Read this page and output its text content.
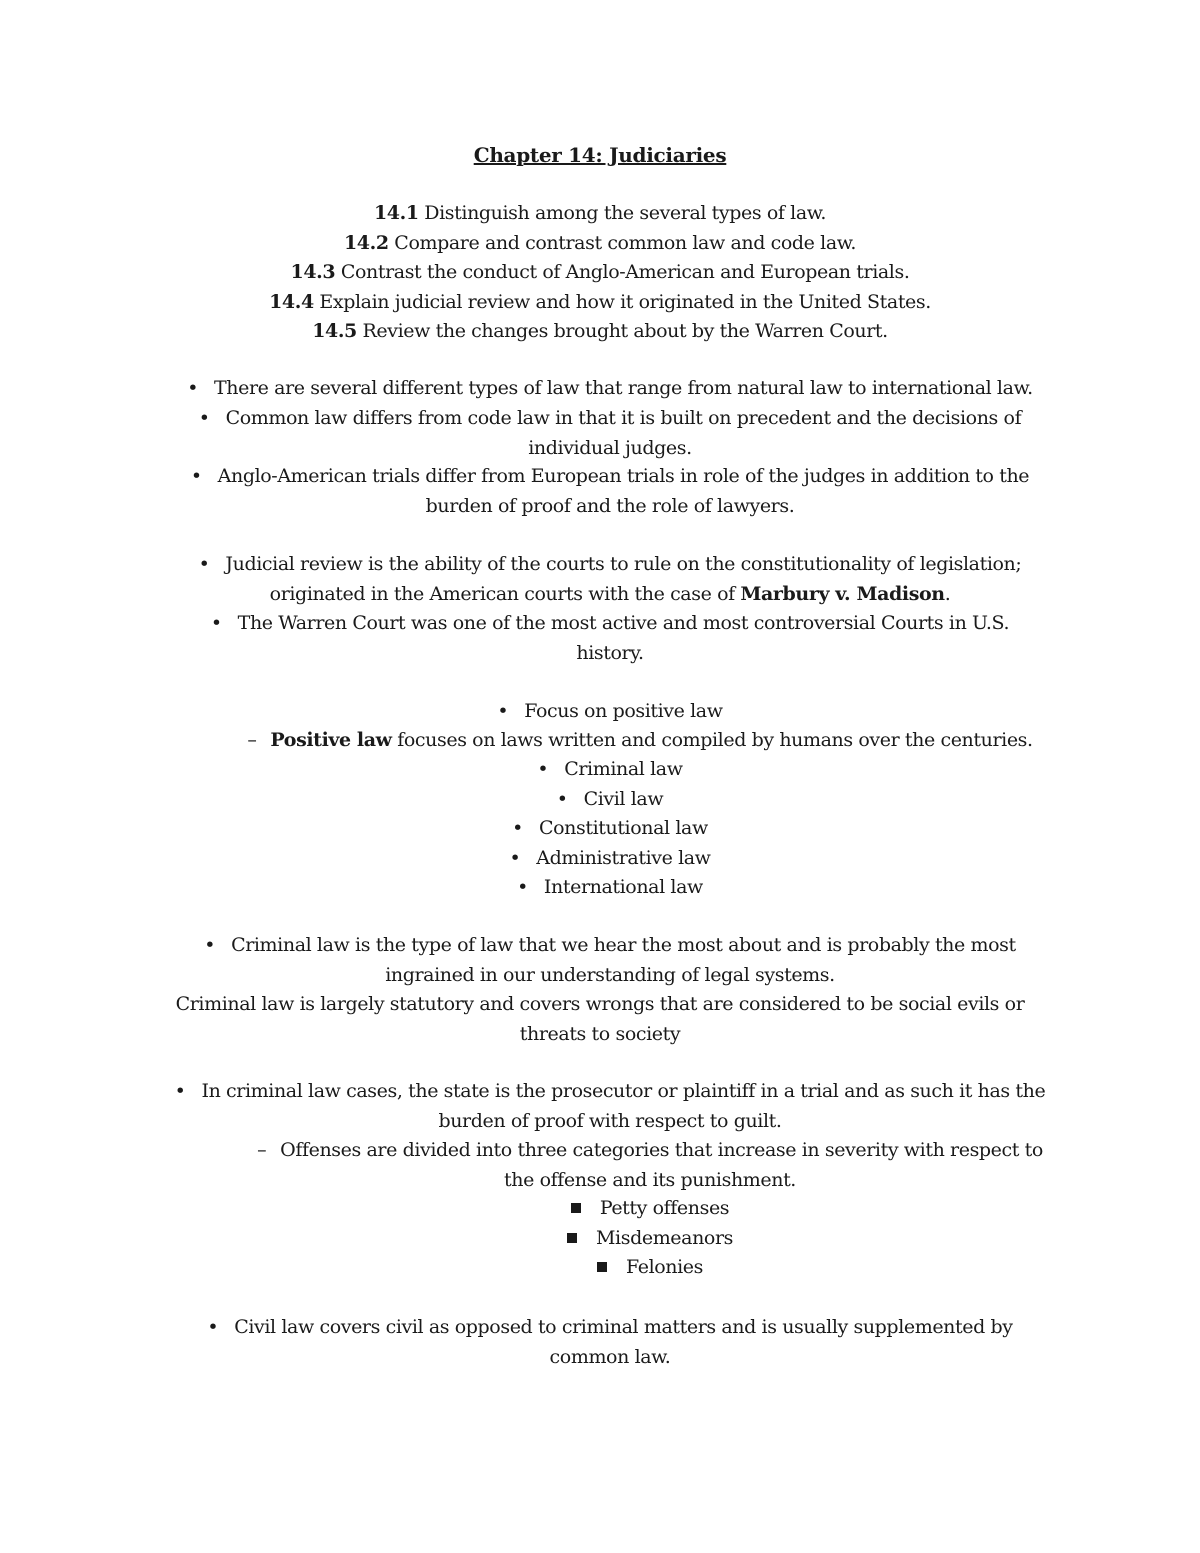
Chapter 14: Judiciaries
14.1 Distinguish among the several types of law.
14.2 Compare and contrast common law and code law.
14.3 Contrast the conduct of Anglo-American and European trials.
14.4 Explain judicial review and how it originated in the United States.
14.5 Review the changes brought about by the Warren Court.
• There are several different types of law that range from natural law to international law.
• Common law differs from code law in that it is built on precedent and the decisions of
individual judges.
• Anglo-American trials differ from European trials in role of the judges in addition to the
burden of proof and the role of lawyers.
• Judicial review is the ability of the courts to rule on the constitutionality of legislation;
originated in the American courts with the case of Marbury v. Madison.
• The Warren Court was one of the most active and most controversial Courts in U.S.
history.
• Focus on positive law
– Positive law focuses on laws written and compiled by humans over the centuries.
• Criminal law
• Civil law
• Constitutional law
• Administrative law
• International law
• Criminal law is the type of law that we hear the most about and is probably the most
ingrained in our understanding of legal systems.
Criminal law is largely statutory and covers wrongs that are considered to be social evils or
threats to society
• In criminal law cases, the state is the prosecutor or plaintiff in a trial and as such it has the
burden of proof with respect to guilt.
– Offenses are divided into three categories that increase in severity with respect to
the offense and its punishment.
Petty offenses
Misdemeanors
Felonies
• Civil law covers civil as opposed to criminal matters and is usually supplemented by
common law.
